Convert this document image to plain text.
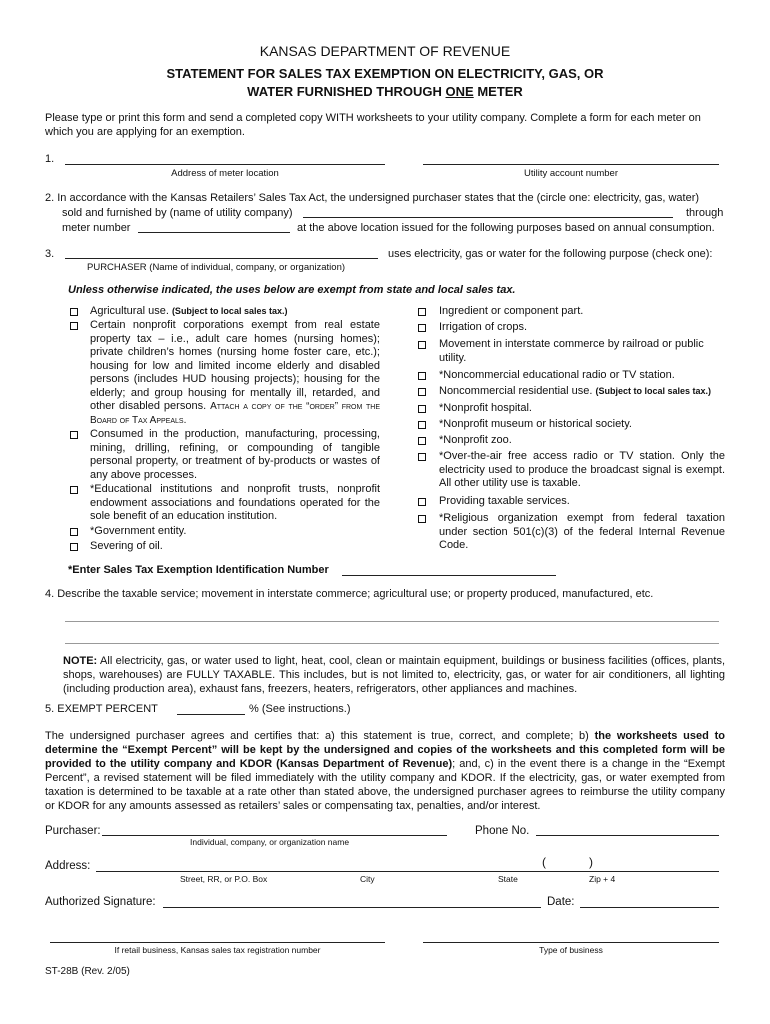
KANSAS DEPARTMENT OF REVENUE
STATEMENT FOR SALES TAX EXEMPTION ON ELECTRICITY, GAS, OR
WATER FURNISHED THROUGH ONE METER
Please type or print this form and send a completed copy WITH worksheets to your utility company. Complete a form for each meter on which you are applying for an exemption.
1.
Address of meter location	Utility account number
2. In accordance with the Kansas Retailers’ Sales Tax Act, the undersigned purchaser states that the (circle one: electricity, gas, water)
sold and furnished by (name of utility company)	through
meter number	at the above location issued for the following purposes based on annual consumption.
3.	uses electricity, gas or water for the following purpose (check one):
PURCHASER (Name of individual, company, or organization)
Unless otherwise indicated, the uses below are exempt from state and local sales tax.
Agricultural use. (Subject to local sales tax.)
Certain nonprofit corporations exempt from real estate property tax – i.e., adult care homes (nursing homes); private children’s homes (nursing home foster care, etc.); housing for low and limited income elderly and disabled persons (includes HUD housing projects); housing for the elderly; and group housing for mentally ill, retarded, and other disabled persons. Attach a copy of the “order” from the Board of Tax Appeals.
Consumed in the production, manufacturing, processing, mining, drilling, refining, or compounding of tangible personal property, or treatment of by-products or wastes of any above processes.
*Educational institutions and nonprofit trusts, nonprofit endowment associations and foundations operated for the sole benefit of an education institution.
*Government entity.
Severing of oil.
Ingredient or component part.
Irrigation of crops.
Movement in interstate commerce by railroad or public utility.
*Noncommercial educational radio or TV station.
Noncommercial residential use. (Subject to local sales tax.)
*Nonprofit hospital.
*Nonprofit museum or historical society.
*Nonprofit zoo.
*Over-the-air free access radio or TV station. Only the electricity used to produce the broadcast signal is exempt. All other utility use is taxable.
Providing taxable services.
*Religious organization exempt from federal taxation under section 501(c)(3) of the federal Internal Revenue Code.
*Enter Sales Tax Exemption Identification Number
4. Describe the taxable service; movement in interstate commerce; agricultural use; or property produced, manufactured, etc.
NOTE: All electricity, gas, or water used to light, heat, cool, clean or maintain equipment, buildings or business facilities (offices, plants, shops, warehouses) are FULLY TAXABLE. This includes, but is not limited to, electricity, gas, or water for air conditioners, all lighting (including production area), exhaust fans, freezers, heaters, refrigerators, other appliances and machines.
5. EXEMPT PERCENT	% (See instructions.)
The undersigned purchaser agrees and certifies that: a) this statement is true, correct, and complete; b) the worksheets used to determine the “Exempt Percent” will be kept by the undersigned and copies of the worksheets and this completed form will be provided to the utility company and KDOR (Kansas Department of Revenue); and, c) in the event there is a change in the “Exempt Percent”, a revised statement will be filed immediately with the utility company and KDOR. If the electricity, gas, or water exempted from taxation is determined to be taxable at a rate other than stated above, the undersigned purchaser agrees to reimburse the utility company or KDOR for any amounts assessed as retailers’ sales or compensating tax, penalties, and/or interest.
Purchaser:
Individual, company, or organization name
Phone No.
Address:	(	)
Street, RR, or P.O. Box	City	State	Zip + 4
Authorized Signature:	Date:
If retail business, Kansas sales tax registration number	Type of business
ST-28B (Rev. 2/05)
